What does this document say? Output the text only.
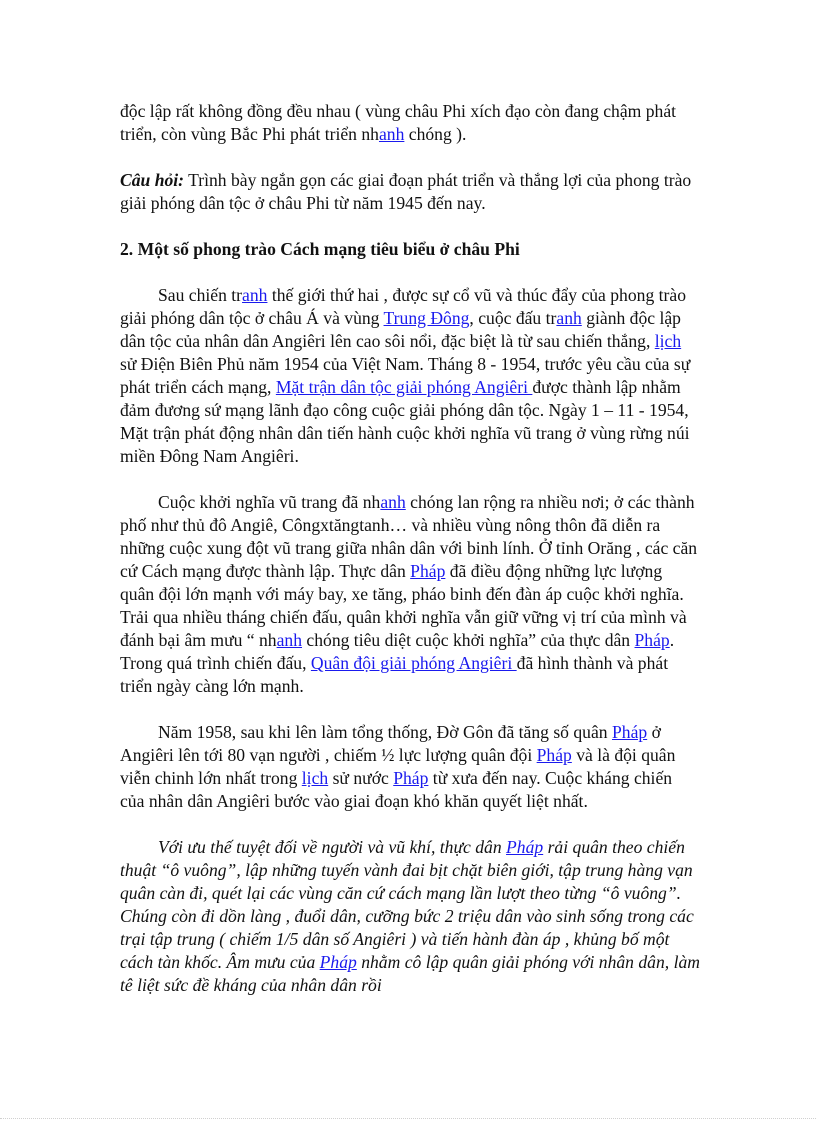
độc lập rất không đồng đều nhau ( vùng châu Phi xích đạo còn đang chậm phát triển, còn vùng Bắc Phi phát triển nhanh chóng ).

Câu hỏi: Trình bày ngắn gọn các giai đoạn phát triển và thắng lợi của phong trào giải phóng dân tộc ở châu Phi từ năm 1945 đến nay.

2. Một số phong trào Cách mạng tiêu biểu ở châu Phi

Sau chiến tranh thế giới thứ hai , được sự cổ vũ và thúc đẩy của phong trào giải phóng dân tộc ở châu Á và vùng Trung Đông, cuộc đấu tranh giành độc lập dân tộc của nhân dân Angiêri lên cao sôi nổi, đặc biệt là từ sau chiến thắng, lịch sử Điện Biên Phủ năm 1954 của Việt Nam. Tháng 8 - 1954, trước yêu cầu của sự phát triển cách mạng, Mặt trận dân tộc giải phóng Angiêri được thành lập nhằm đảm đương sứ mạng lãnh đạo công cuộc giải phóng dân tộc. Ngày 1 – 11 - 1954, Mặt trận phát động nhân dân tiến hành cuộc khởi nghĩa vũ trang ở vùng rừng núi miền Đông Nam Angiêri.

Cuộc khởi nghĩa vũ trang đã nhanh chóng lan rộng ra nhiều nơi; ở các thành phố như thủ đô Angiê, Côngxtăngtanh… và nhiều vùng nông thôn đã diễn ra những cuộc xung đột vũ trang giữa nhân dân với binh lính. Ở tỉnh Orăng , các căn cứ Cách mạng được thành lập. Thực dân Pháp đã điều động những lực lượng quân đội lớn mạnh với máy bay, xe tăng, pháo binh đến đàn áp cuộc khởi nghĩa. Trải qua nhiều tháng chiến đấu, quân khởi nghĩa vẫn giữ vững vị trí của mình và đánh bại âm mưu “ nhanh chóng tiêu diệt cuộc khởi nghĩa” của thực dân Pháp. Trong quá trình chiến đấu, Quân đội giải phóng Angiêri đã hình thành và phát triển ngày càng lớn mạnh.

Năm 1958, sau khi lên làm tổng thống, Đờ Gôn đã tăng số quân Pháp ở Angiêri lên tới 80 vạn người , chiếm ½ lực lượng quân đội Pháp và là đội quân viễn chinh lớn nhất trong lịch sử nước Pháp từ xưa đến nay. Cuộc kháng chiến của nhân dân Angiêri bước vào giai đoạn khó khăn quyết liệt nhất.

Với ưu thế tuyệt đối về người và vũ khí, thực dân Pháp rải quân theo chiến thuật “ô vuông”, lập những tuyến vành đai bịt chặt biên giới, tập trung hàng vạn quân càn đi, quét lại các vùng căn cứ cách mạng lần lượt theo từng “ô vuông”. Chúng còn đi dồn làng , đuổi dân, cưỡng bức 2 triệu dân vào sinh sống trong các trại tập trung ( chiếm 1/5 dân số Angiêri ) và tiến hành đàn áp , khủng bố một cách tàn khốc. Âm mưu của Pháp nhằm cô lập quân giải phóng với nhân dân, làm tê liệt sức đề kháng của nhân dân rồi
